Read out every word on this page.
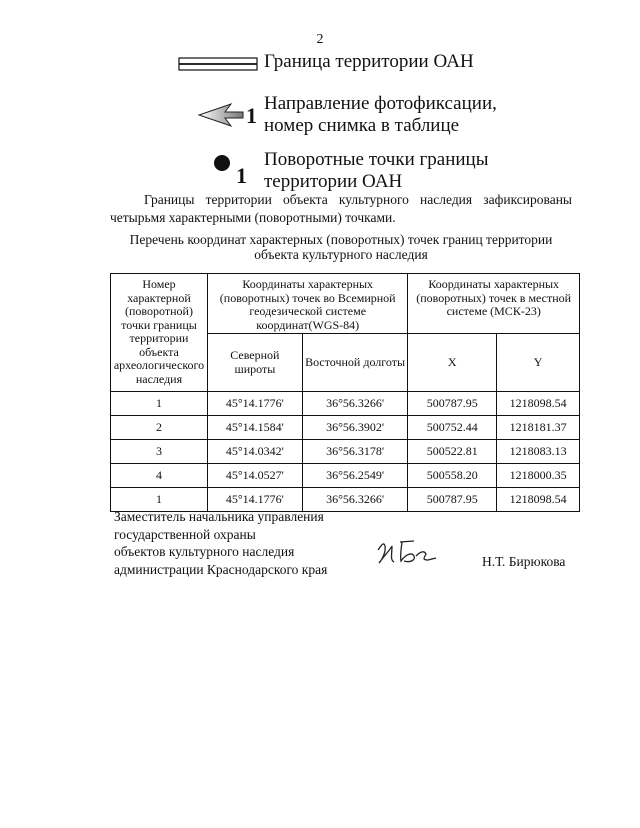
2
Граница территории ОАН
1 Направление фотофиксации,
номер снимка в таблице
1
Поворотные точки границы
территории ОАН
Границы территории объекта культурного наследия зафиксированы четырьмя характерными (поворотными) точками.
Перечень координат характерных (поворотных) точек границ территории
объекта культурного наследия
Номер характерной (поворотной) точки границы территории объекта археологического наследия	Координаты характерных (поворотных) точек во Всемирной геодезической системе координат(WGS-84)		Координаты характерных (поворотных) точек в местной системе (МСК-23)	
	Северной широты	Восточной долготы	X	Y
1	45°14.1776'	36°56.3266'	500787.95	1218098.54
2	45°14.1584'	36°56.3902'	500752.44	1218181.37
3	45°14.0342'	36°56.3178'	500522.81	1218083.13
4	45°14.0527'	36°56.2549'	500558.20	1218000.35
1	45°14.1776'	36°56.3266'	500787.95	1218098.54
Заместитель начальника управления
государственной охраны
объектов культурного наследия
администрации Краснодарского края	Н.Т. Бирюкова
